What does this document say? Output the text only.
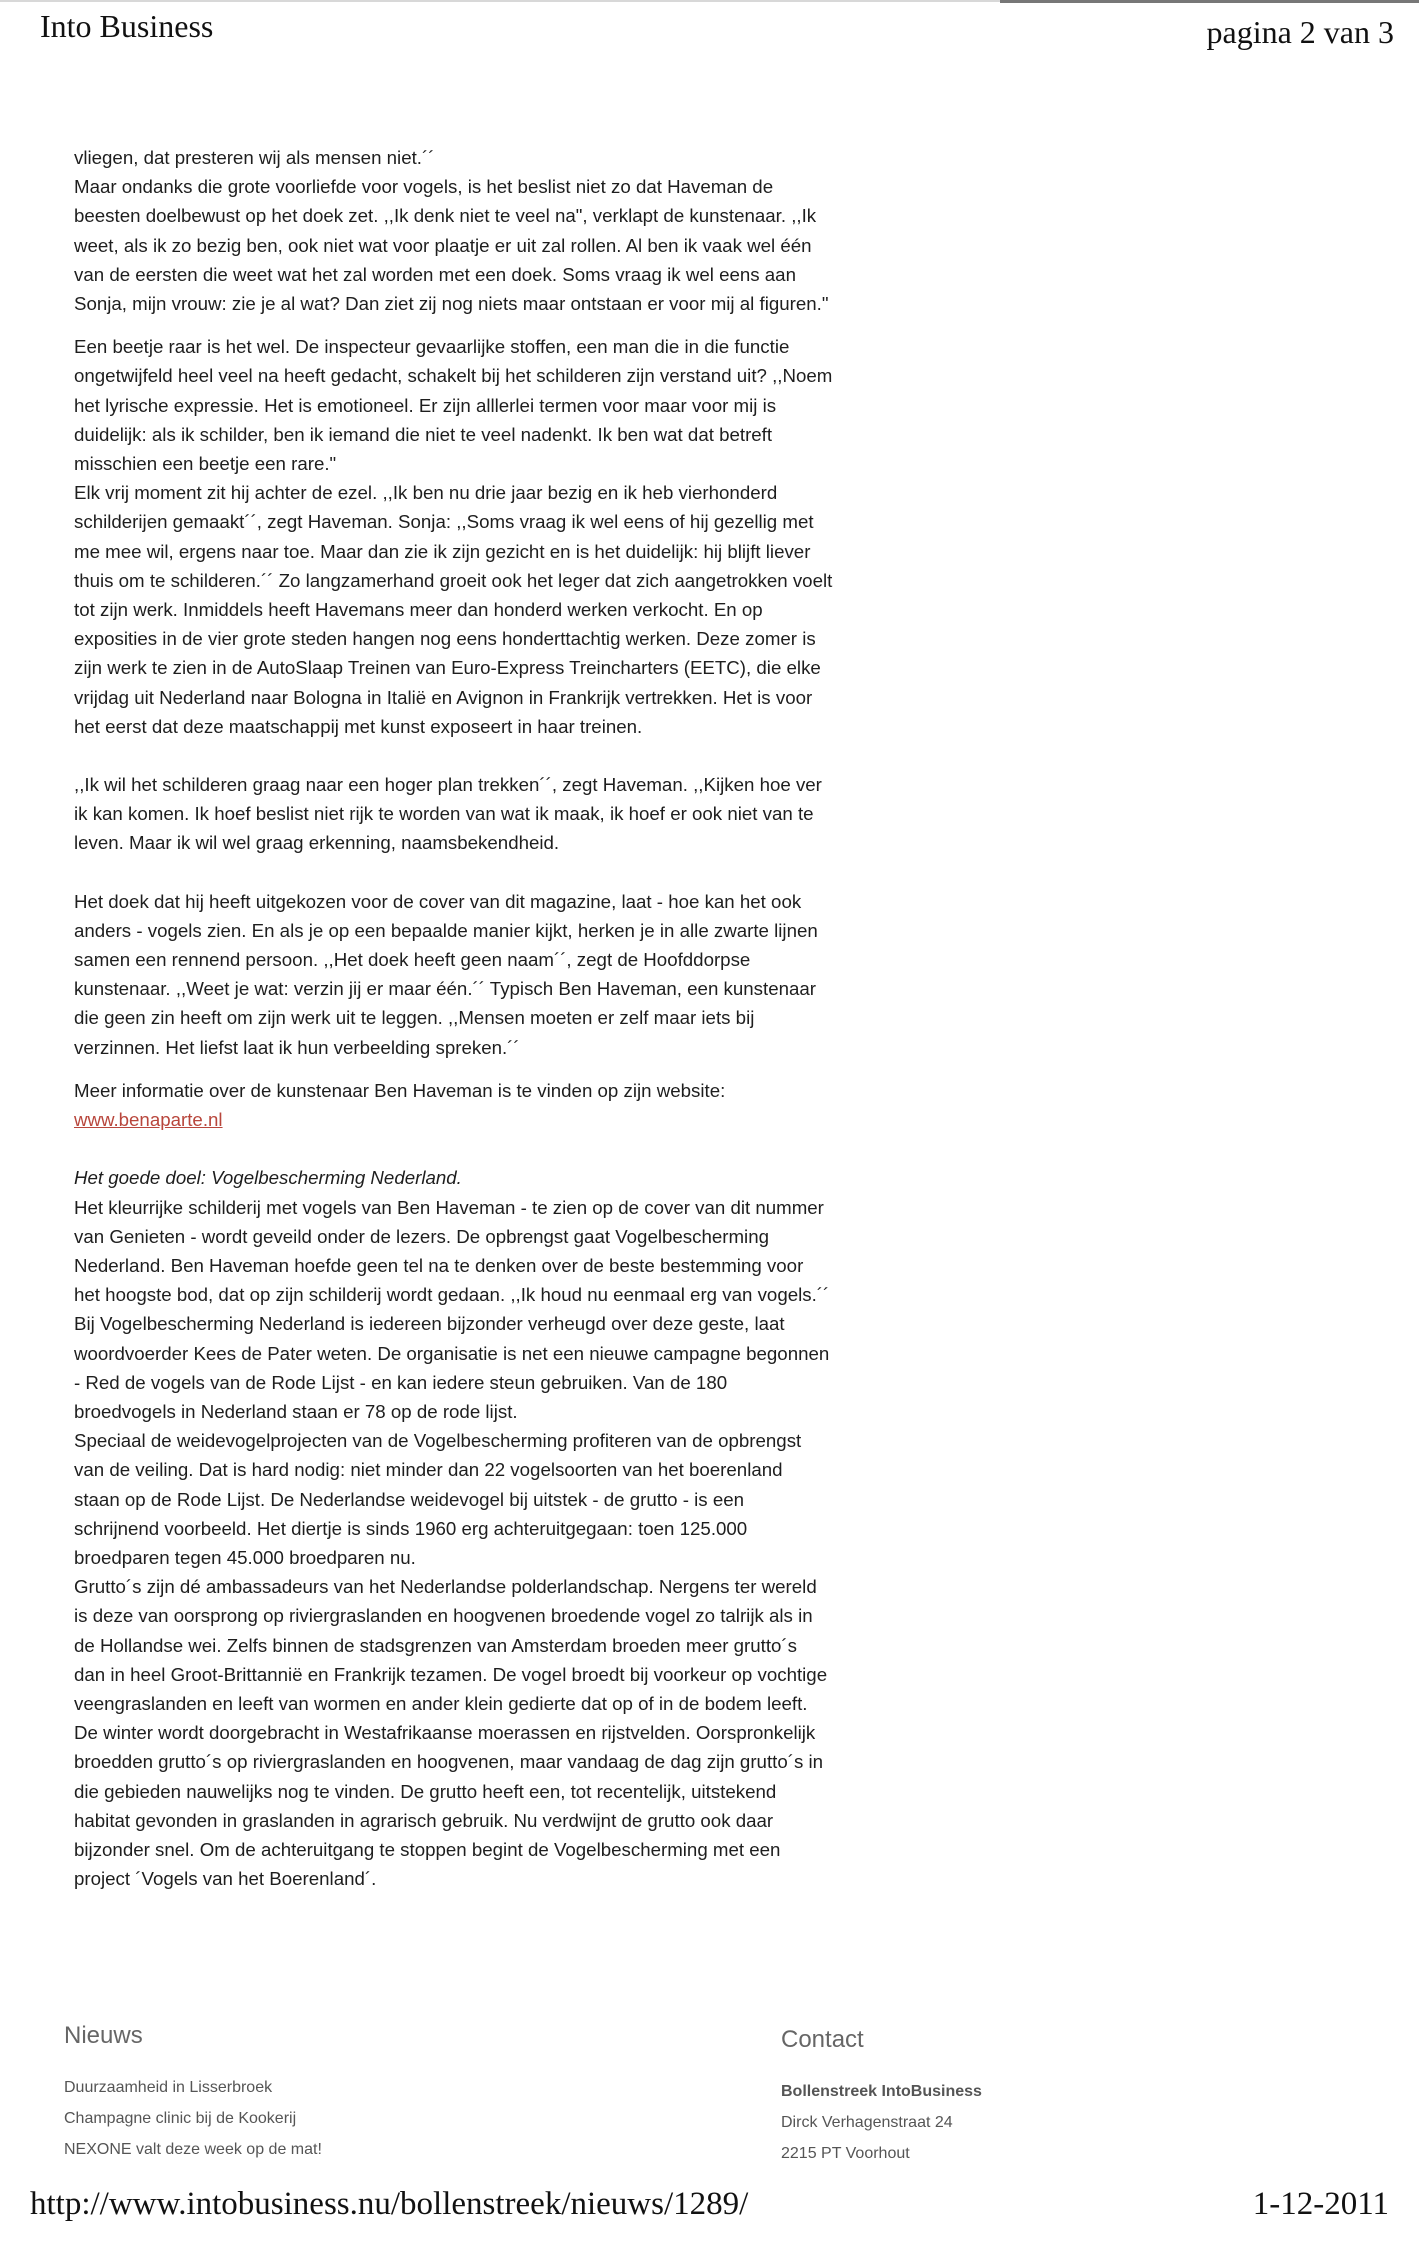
Into Business	pagina 2 van 3
vliegen, dat presteren wij als mensen niet.´´
Maar ondanks die grote voorliefde voor vogels, is het beslist niet zo dat Haveman de
beesten doelbewust op het doek zet. ,,Ik denk niet te veel na", verklapt de kunstenaar. ,,Ik
weet, als ik zo bezig ben, ook niet wat voor plaatje er uit zal rollen. Al ben ik vaak wel één
van de eersten die weet wat het zal worden met een doek. Soms vraag ik wel eens aan
Sonja, mijn vrouw: zie je al wat? Dan ziet zij nog niets maar ontstaan er voor mij al figuren."
Een beetje raar is het wel. De inspecteur gevaarlijke stoffen, een man die in die functie
ongetwijfeld heel veel na heeft gedacht, schakelt bij het schilderen zijn verstand uit? ,,Noem
het lyrische expressie. Het is emotioneel. Er zijn alllerlei termen voor maar voor mij is
duidelijk: als ik schilder, ben ik iemand die niet te veel nadenkt. Ik ben wat dat betreft
misschien een beetje een rare."
Elk vrij moment zit hij achter de ezel. ,,Ik ben nu drie jaar bezig en ik heb vierhonderd
schilderijen gemaakt´´, zegt Haveman. Sonja: ,,Soms vraag ik wel eens of hij gezellig met
me mee wil, ergens naar toe. Maar dan zie ik zijn gezicht en is het duidelijk: hij blijft liever
thuis om te schilderen.´´ Zo langzamerhand groeit ook het leger dat zich aangetrokken voelt
tot zijn werk. Inmiddels heeft Havemans meer dan honderd werken verkocht. En op
exposities in de vier grote steden hangen nog eens honderttachtig werken. Deze zomer is
zijn werk te zien in de AutoSlaap Treinen van Euro-Express Treincharters (EETC), die elke
vrijdag uit Nederland naar Bologna in Italië en Avignon in Frankrijk vertrekken. Het is voor
het eerst dat deze maatschappij met kunst exposeert in haar treinen.
,,Ik wil het schilderen graag naar een hoger plan trekken´´, zegt Haveman. ,,Kijken hoe ver
ik kan komen. Ik hoef beslist niet rijk te worden van wat ik maak, ik hoef er ook niet van te
leven. Maar ik wil wel graag erkenning, naamsbekendheid.
Het doek dat hij heeft uitgekozen voor de cover van dit magazine, laat - hoe kan het ook
anders - vogels zien. En als je op een bepaalde manier kijkt, herken je in alle zwarte lijnen
samen een rennend persoon. ,,Het doek heeft geen naam´´, zegt de Hoofddorpse
kunstenaar. ,,Weet je wat: verzin jij er maar één.´´ Typisch Ben Haveman, een kunstenaar
die geen zin heeft om zijn werk uit te leggen. ,,Mensen moeten er zelf maar iets bij
verzinnen. Het liefst laat ik hun verbeelding spreken.´´

Meer informatie over de kunstenaar Ben Haveman is te vinden op zijn website:

www.benaparte.nl

Het goede doel: Vogelbescherming Nederland.

Het kleurrijke schilderij met vogels van Ben Haveman - te zien op de cover van dit nummer
van Genieten - wordt geveild onder de lezers. De opbrengst gaat Vogelbescherming
Nederland. Ben Haveman hoefde geen tel na te denken over de beste bestemming voor
het hoogste bod, dat op zijn schilderij wordt gedaan. ,,Ik houd nu eenmaal erg van vogels.´´
Bij Vogelbescherming Nederland is iedereen bijzonder verheugd over deze geste, laat
woordvoerder Kees de Pater weten. De organisatie is net een nieuwe campagne begonnen
- Red de vogels van de Rode Lijst - en kan iedere steun gebruiken. Van de 180
broedvogels in Nederland staan er 78 op de rode lijst.
Speciaal de weidevogelprojecten van de Vogelbescherming profiteren van de opbrengst
van de veiling. Dat is hard nodig: niet minder dan 22 vogelsoorten van het boerenland
staan op de Rode Lijst. De Nederlandse weidevogel bij uitstek - de grutto - is een
schrijnend voorbeeld. Het diertje is sinds 1960 erg achteruitgegaan: toen 125.000
broedparen tegen 45.000 broedparen nu.
Grutto´s zijn dé ambassadeurs van het Nederlandse polderlandschap. Nergens ter wereld
is deze van oorsprong op riviergraslanden en hoogvenen broedende vogel zo talrijk als in
de Hollandse wei. Zelfs binnen de stadsgrenzen van Amsterdam broeden meer grutto´s
dan in heel Groot-Brittannië en Frankrijk tezamen. De vogel broedt bij voorkeur op vochtige
veengraslanden en leeft van wormen en ander klein gedierte dat op of in de bodem leeft.
De winter wordt doorgebracht in Westafrikaanse moerassen en rijstvelden. Oorspronkelijk
broedden grutto´s op riviergraslanden en hoogvenen, maar vandaag de dag zijn grutto´s in
die gebieden nauwelijks nog te vinden. De grutto heeft een, tot recentelijk, uitstekend
habitat gevonden in graslanden in agrarisch gebruik. Nu verdwijnt de grutto ook daar
bijzonder snel. Om de achteruitgang te stoppen begint de Vogelbescherming met een
project ´Vogels van het Boerenland´.
Nieuws
Duurzaamheid in Lisserbroek
Champagne clinic bij de Kookerij
NEXONE valt deze week op de mat!
Contact
Bollenstreek IntoBusiness
Dirck Verhagenstraat 24
2215 PT Voorhout
http://www.intobusiness.nu/bollenstreek/nieuws/1289/	1-12-2011
